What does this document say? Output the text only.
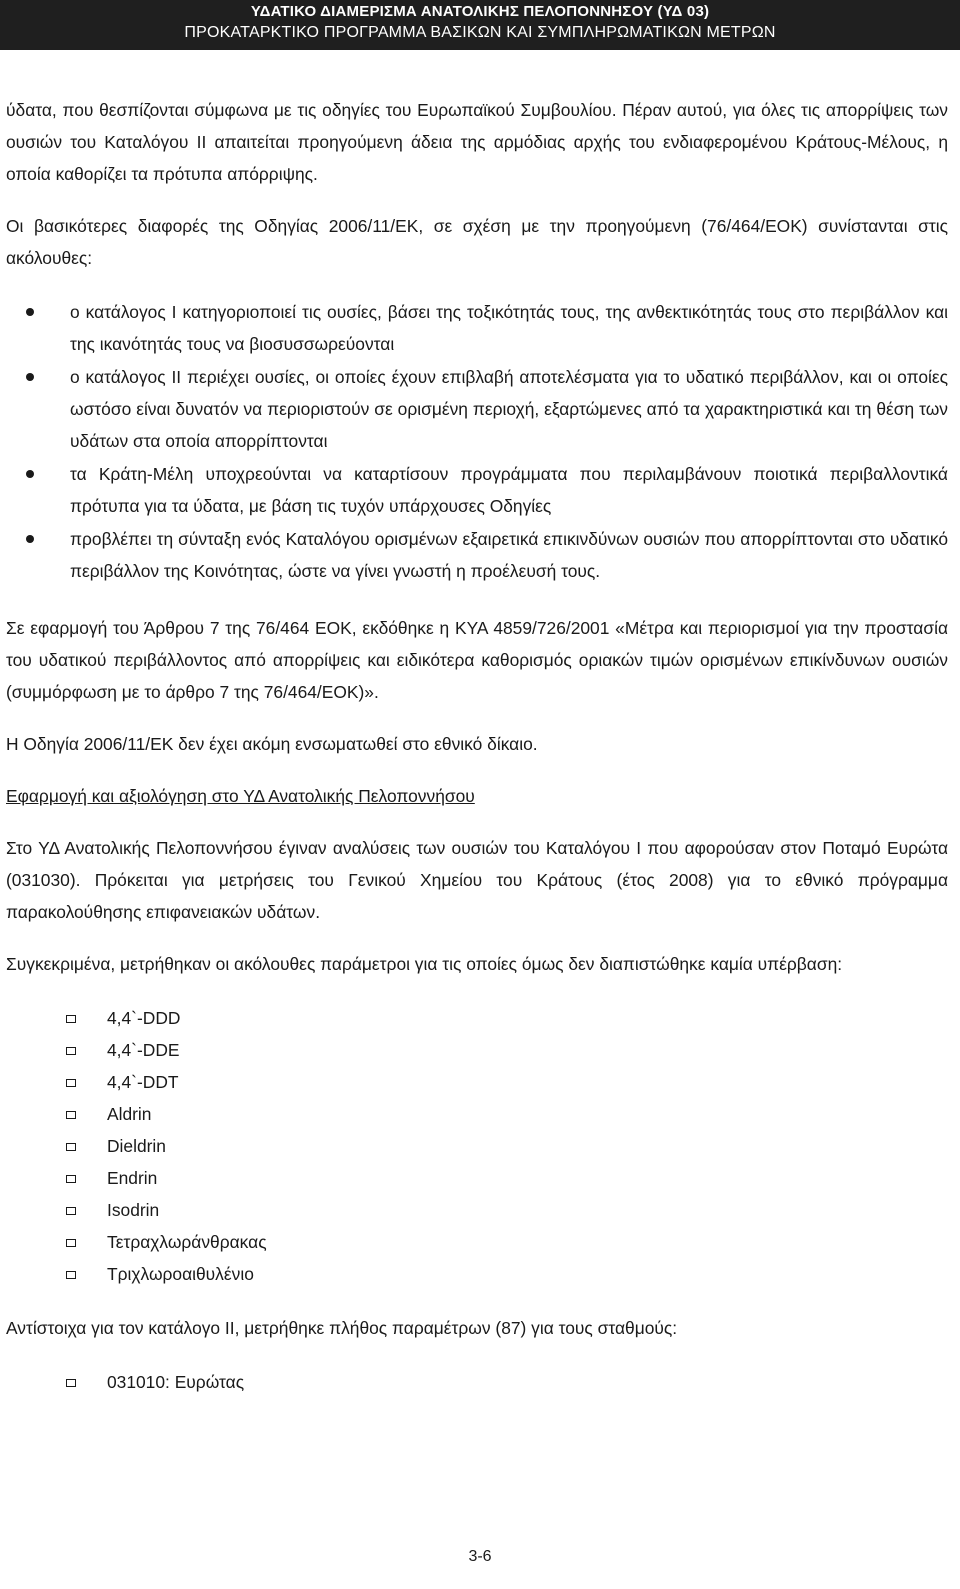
ΥΔΑΤΙΚΟ ΔΙΑΜΕΡΙΣΜΑ ΑΝΑΤΟΛΙΚΗΣ ΠΕΛΟΠΟΝΝΗΣΟΥ (ΥΔ 03)
ΠΡΟΚΑΤΑΡΚΤΙΚΟ ΠΡΟΓΡΑΜΜΑ ΒΑΣΙΚΩΝ ΚΑΙ ΣΥΜΠΛΗΡΩΜΑΤΙΚΩΝ ΜΕΤΡΩΝ

ύδατα, που θεσπίζονται σύμφωνα με τις οδηγίες του Ευρωπαϊκού Συμβουλίου. Πέραν αυτού, για όλες τις απορρίψεις των ουσιών του Καταλόγου ΙΙ απαιτείται προηγούμενη άδεια της αρμόδιας αρχής του ενδιαφερομένου Κράτους-Μέλους, η οποία καθορίζει τα πρότυπα απόρριψης.

Οι βασικότερες διαφορές της Οδηγίας 2006/11/ΕΚ, σε σχέση με την προηγούμενη (76/464/ΕΟΚ) συνίστανται στις ακόλουθες:

ο κατάλογος Ι κατηγοριοποιεί τις ουσίες, βάσει της τοξικότητάς τους, της ανθεκτικότητάς τους στο περιβάλλον και της ικανότητάς τους να βιοσυσσωρεύονται
ο κατάλογος ΙΙ περιέχει ουσίες, οι οποίες έχουν επιβλαβή αποτελέσματα για το υδατικό περιβάλλον, και οι οποίες ωστόσο είναι δυνατόν να περιοριστούν σε ορισμένη περιοχή, εξαρτώμενες από τα χαρακτηριστικά και τη θέση των υδάτων στα οποία απορρίπτονται
τα Κράτη-Μέλη υποχρεούνται να καταρτίσουν προγράμματα που περιλαμβάνουν ποιοτικά περιβαλλοντικά πρότυπα για τα ύδατα, με βάση τις τυχόν υπάρχουσες Οδηγίες
προβλέπει τη σύνταξη ενός Καταλόγου ορισμένων εξαιρετικά επικινδύνων ουσιών που απορρίπτονται στο υδατικό περιβάλλον της Κοινότητας, ώστε να γίνει γνωστή η προέλευσή τους.

Σε εφαρμογή του Άρθρου 7 της 76/464 ΕΟΚ, εκδόθηκε η ΚΥΑ 4859/726/2001 «Μέτρα και περιορισμοί για την προστασία του υδατικού περιβάλλοντος από απορρίψεις και ειδικότερα καθορισμός οριακών τιμών ορισμένων επικίνδυνων ουσιών (συμμόρφωση με το άρθρο 7 της 76/464/ΕΟΚ)».

Η Οδηγία 2006/11/ΕΚ δεν έχει ακόμη ενσωματωθεί στο εθνικό δίκαιο.

Εφαρμογή και αξιολόγηση στο ΥΔ Ανατολικής Πελοποννήσου

Στο ΥΔ Ανατολικής Πελοποννήσου έγιναν αναλύσεις των ουσιών του Καταλόγου Ι που αφορούσαν στον Ποταμό Ευρώτα (031030). Πρόκειται για μετρήσεις του Γενικού Χημείου του Κράτους (έτος 2008) για το εθνικό πρόγραμμα παρακολούθησης επιφανειακών υδάτων.

Συγκεκριμένα, μετρήθηκαν οι ακόλουθες παράμετροι για τις οποίες όμως δεν διαπιστώθηκε καμία υπέρβαση:

4,4`-DDD
4,4`-DDE
4,4`-DDT
Aldrin
Dieldrin
Endrin
Isodrin
Τετραχλωράνθρακας
Τριχλωροαιθυλένιο

Αντίστοιχα για τον κατάλογο ΙΙ, μετρήθηκε πλήθος παραμέτρων (87) για τους σταθμούς:

031010: Ευρώτας
3-6
